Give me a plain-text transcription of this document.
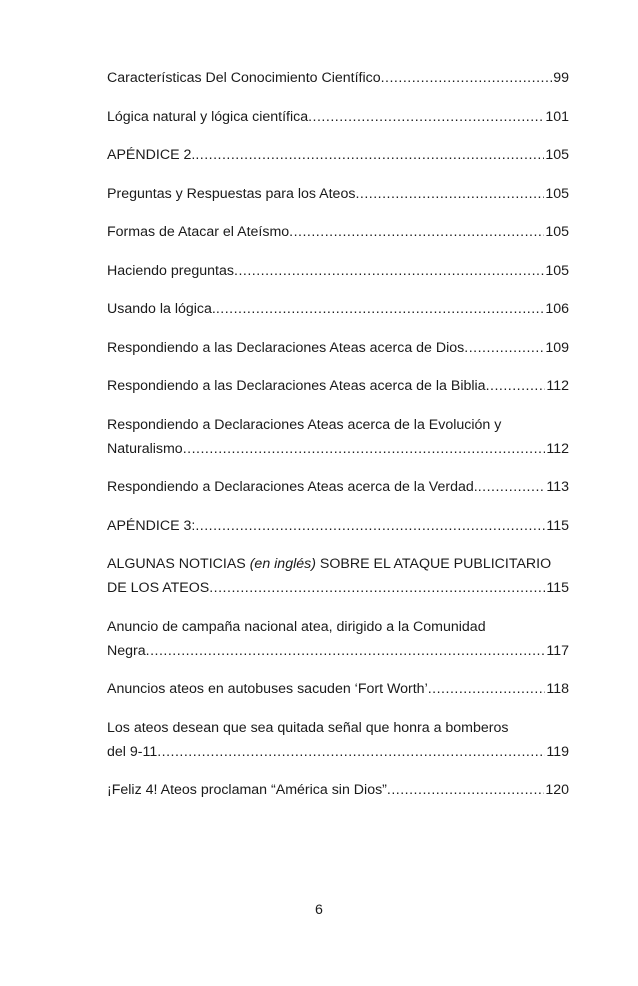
Características Del Conocimiento Científico .....	99
Lógica natural y lógica científica .....	101
APÉNDICE 2. .....	105
Preguntas y Respuestas para los Ateos .....	105
Formas de Atacar el Ateísmo .....	105
Haciendo preguntas .....	105
Usando la lógica. .....	106
Respondiendo a las Declaraciones Ateas acerca de Dios .....	109
Respondiendo a las Declaraciones Ateas acerca de la Biblia .....	112
Respondiendo a Declaraciones Ateas acerca de la Evolución y
Naturalismo .....	112
Respondiendo a Declaraciones Ateas acerca de la Verdad. .....	113
APÉNDICE 3: .....	115
ALGUNAS NOTICIAS (en inglés) SOBRE EL ATAQUE PUBLICITARIO
DE LOS ATEOS .....	115
Anuncio de campaña nacional atea, dirigido a la Comunidad
Negra .....	117
Anuncios ateos en autobuses sacuden ‘Fort Worth’ .....	118
Los ateos desean que sea quitada señal que honra a bomberos
del 9-11 .....	119
¡Feliz 4! Ateos proclaman “América sin Dios” .....	120
6
